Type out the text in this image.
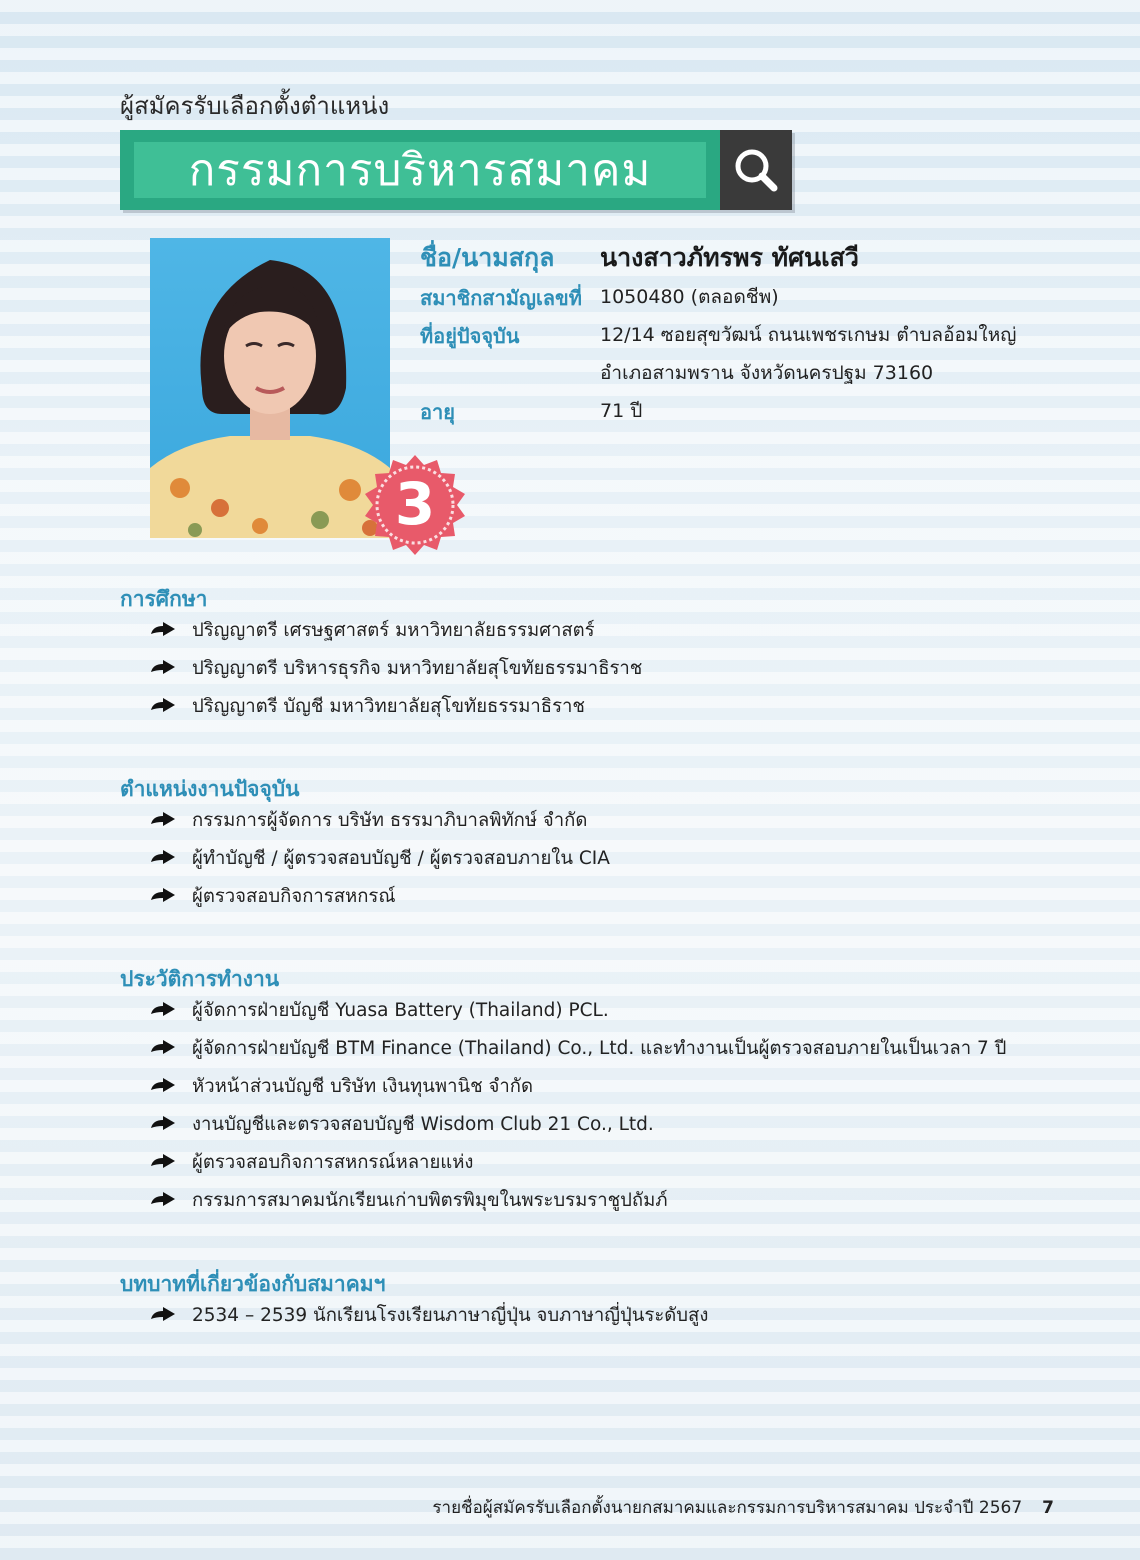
ผู้สมัครรับเลือกตั้งตำแหน่ง
กรรมการบริหารสมาคม
3
ชื่อ/นามสกุล นางสาวภัทรพร ทัศนเสวี
สมาชิกสามัญเลขที่ 1050480 (ตลอดชีพ)
ที่อยู่ปัจจุบัน	12/14 ซอยสุขวัฒน์ ถนนเพชรเกษม ตำบลอ้อมใหญ่
อำเภอสามพราน จังหวัดนครปฐม 73160
อายุ	71 ปี
การศึกษา
ปริญญาตรี เศรษฐศาสตร์ มหาวิทยาลัยธรรมศาสตร์
ปริญญาตรี บริหารธุรกิจ มหาวิทยาลัยสุโขทัยธรรมาธิราช
ปริญญาตรี บัญชี มหาวิทยาลัยสุโขทัยธรรมาธิราช
ตำแหน่งงานปัจจุบัน
กรรมการผู้จัดการ บริษัท ธรรมาภิบาลพิทักษ์ จำกัด
ผู้ทำบัญชี / ผู้ตรวจสอบบัญชี / ผู้ตรวจสอบภายใน CIA
ผู้ตรวจสอบกิจการสหกรณ์
ประวัติการทำงาน
ผู้จัดการฝ่ายบัญชี Yuasa Battery (Thailand) PCL.
ผู้จัดการฝ่ายบัญชี BTM Finance (Thailand) Co., Ltd. และทำงานเป็นผู้ตรวจสอบภายในเป็นเวลา 7 ปี
หัวหน้าส่วนบัญชี บริษัท เงินทุนพานิช จำกัด
งานบัญชีและตรวจสอบบัญชี Wisdom Club 21 Co., Ltd.
ผู้ตรวจสอบกิจการสหกรณ์หลายแห่ง
กรรมการสมาคมนักเรียนเก่าบพิตรพิมุขในพระบรมราชูปถัมภ์
บทบาทที่เกี่ยวข้องกับสมาคมฯ
2534 – 2539 นักเรียนโรงเรียนภาษาญี่ปุ่น จบภาษาญี่ปุ่นระดับสูง
รายชื่อผู้สมัครรับเลือกตั้งนายกสมาคมและกรรมการบริหารสมาคม ประจำปี 2567 7
